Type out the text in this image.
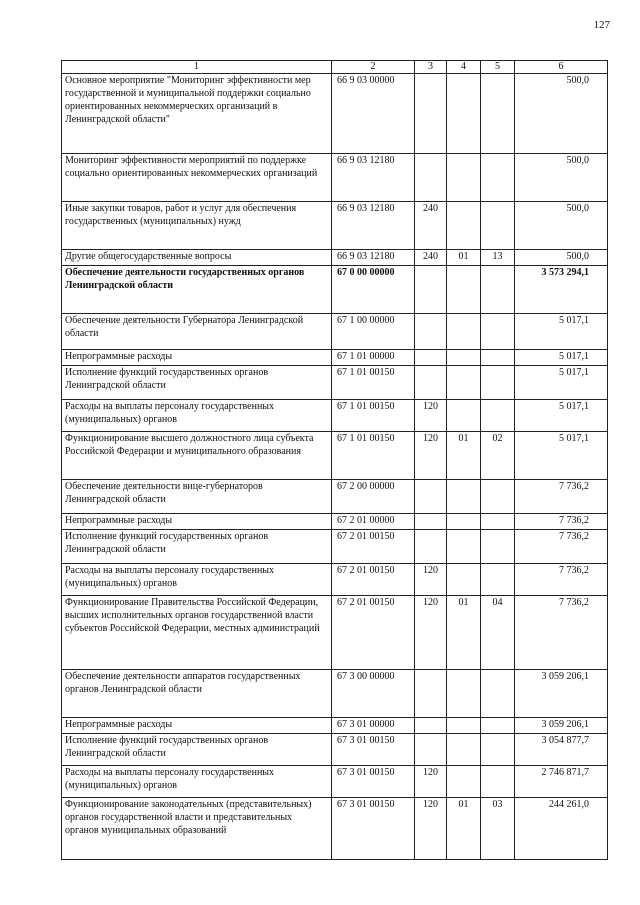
127
1	2	3	4	5	6
Основное мероприятие "Мониторинг эффективности мер государственной и муниципальной поддержки социально ориентированных некоммерческих организаций в Ленинградской области"	66 9 03 00000				500,0
Мониторинг эффективности мероприятий по поддержке социально ориентированных некоммерческих организаций	66 9 03 12180				500,0
Иные закупки товаров, работ и услуг для обеспечения государственных (муниципальных) нужд	66 9 03 12180	240			500,0
Другие общегосударственные вопросы	66 9 03 12180	240	01	13	500,0
Обеспечение деятельности государственных органов Ленинградской области	67 0 00 00000				3 573 294,1
Обеспечение деятельности Губернатора Ленинградской области	67 1 00 00000				5 017,1
Непрограммные расходы	67 1 01 00000				5 017,1
Исполнение функций государственных органов Ленинградской области	67 1 01 00150				5 017,1
Расходы на выплаты персоналу государственных (муниципальных) органов	67 1 01 00150	120			5 017,1
Функционирование высшего должностного лица субъекта Российской Федерации и муниципального образования	67 1 01 00150	120	01	02	5 017,1
Обеспечение деятельности вице-губернаторов Ленинградской области	67 2 00 00000				7 736,2
Непрограммные расходы	67 2 01 00000				7 736,2
Исполнение функций государственных органов Ленинградской области	67 2 01 00150				7 736,2
Расходы на выплаты персоналу государственных (муниципальных) органов	67 2 01 00150	120			7 736,2
Функционирование Правительства Российской Федерации, высших исполнительных органов государственной власти субъектов Российской Федерации, местных администраций	67 2 01 00150	120	01	04	7 736,2
Обеспечение деятельности аппаратов государственных органов Ленинградской области	67 3 00 00000				3 059 206,1
Непрограммные расходы	67 3 01 00000				3 059 206,1
Исполнение функций государственных органов Ленинградской области	67 3 01 00150				3 054 877,7
Расходы на выплаты персоналу государственных (муниципальных) органов	67 3 01 00150	120			2 746 871,7
Функционирование законодательных (представительных) органов государственной власти и представительных органов муниципальных образований	67 3 01 00150	120	01	03	244 261,0
